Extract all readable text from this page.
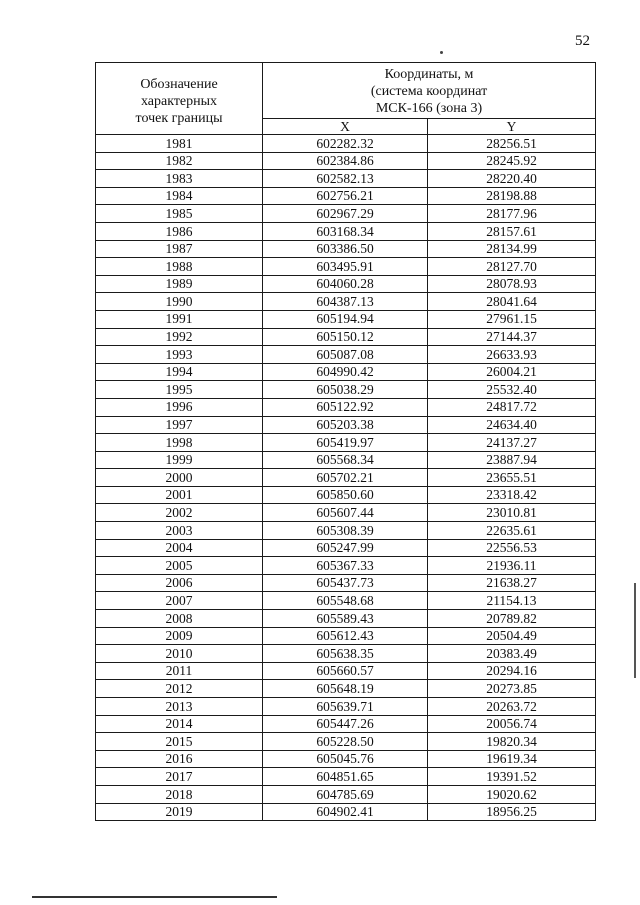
52
Обозначение
характерных
точек границы	Координаты, м
(система координат
МСК-166 (зона 3)	

	X	Y
1981	602282.32	28256.51
1982	602384.86	28245.92
1983	602582.13	28220.40
1984	602756.21	28198.88
1985	602967.29	28177.96
1986	603168.34	28157.61
1987	603386.50	28134.99
1988	603495.91	28127.70
1989	604060.28	28078.93
1990	604387.13	28041.64
1991	605194.94	27961.15
1992	605150.12	27144.37
1993	605087.08	26633.93
1994	604990.42	26004.21
1995	605038.29	25532.40
1996	605122.92	24817.72
1997	605203.38	24634.40
1998	605419.97	24137.27
1999	605568.34	23887.94
2000	605702.21	23655.51
2001	605850.60	23318.42
2002	605607.44	23010.81
2003	605308.39	22635.61
2004	605247.99	22556.53
2005	605367.33	21936.11
2006	605437.73	21638.27
2007	605548.68	21154.13
2008	605589.43	20789.82
2009	605612.43	20504.49
2010	605638.35	20383.49
2011	605660.57	20294.16
2012	605648.19	20273.85
2013	605639.71	20263.72
2014	605447.26	20056.74
2015	605228.50	19820.34
2016	605045.76	19619.34
2017	604851.65	19391.52
2018	604785.69	19020.62
2019	604902.41	18956.25
